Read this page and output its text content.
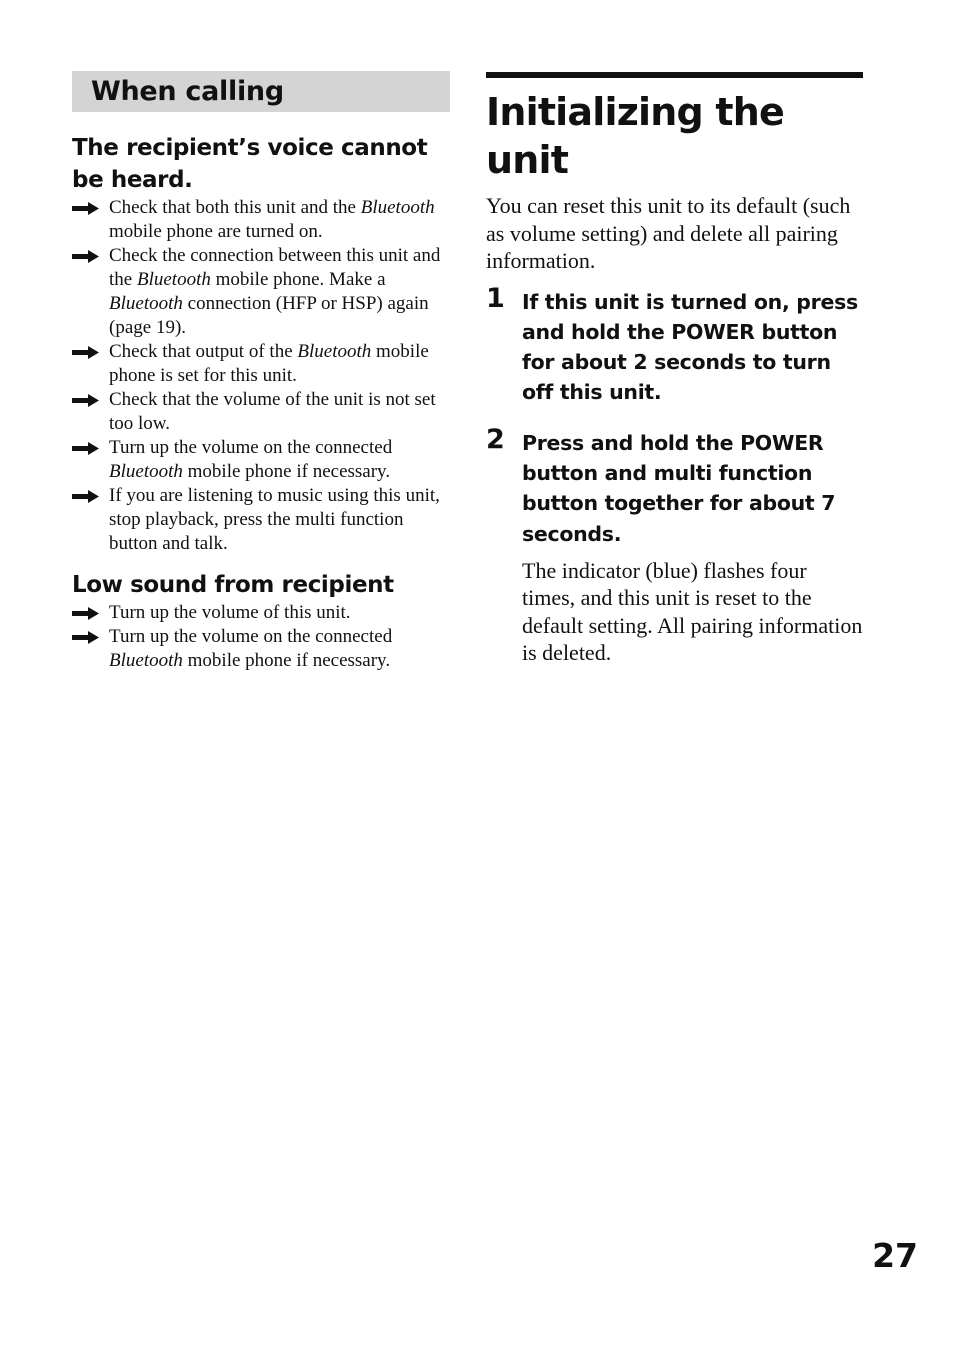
When calling
The recipient’s voice cannot be heard.
Check that both this unit and the Bluetooth mobile phone are turned on.
Check the connection between this unit and the Bluetooth mobile phone. Make a Bluetooth connection (HFP or HSP) again (page 19).
Check that output of the Bluetooth mobile phone is set for this unit.
Check that the volume of the unit is not set too low.
Turn up the volume on the connected Bluetooth mobile phone if necessary.
If you are listening to music using this unit, stop playback, press the multi function button and talk.
Low sound from recipient
Turn up the volume of this unit.
Turn up the volume on the connected Bluetooth mobile phone if necessary.
Initializing the unit

You can reset this unit to its default (such as volume setting) and delete all pairing information.

1 If this unit is turned on, press and hold the POWER button for about 2 seconds to turn off this unit.

2 Press and hold the POWER button and multi function button together for about 7 seconds.

The indicator (blue) flashes four times, and this unit is reset to the default setting. All pairing information is deleted.

27
